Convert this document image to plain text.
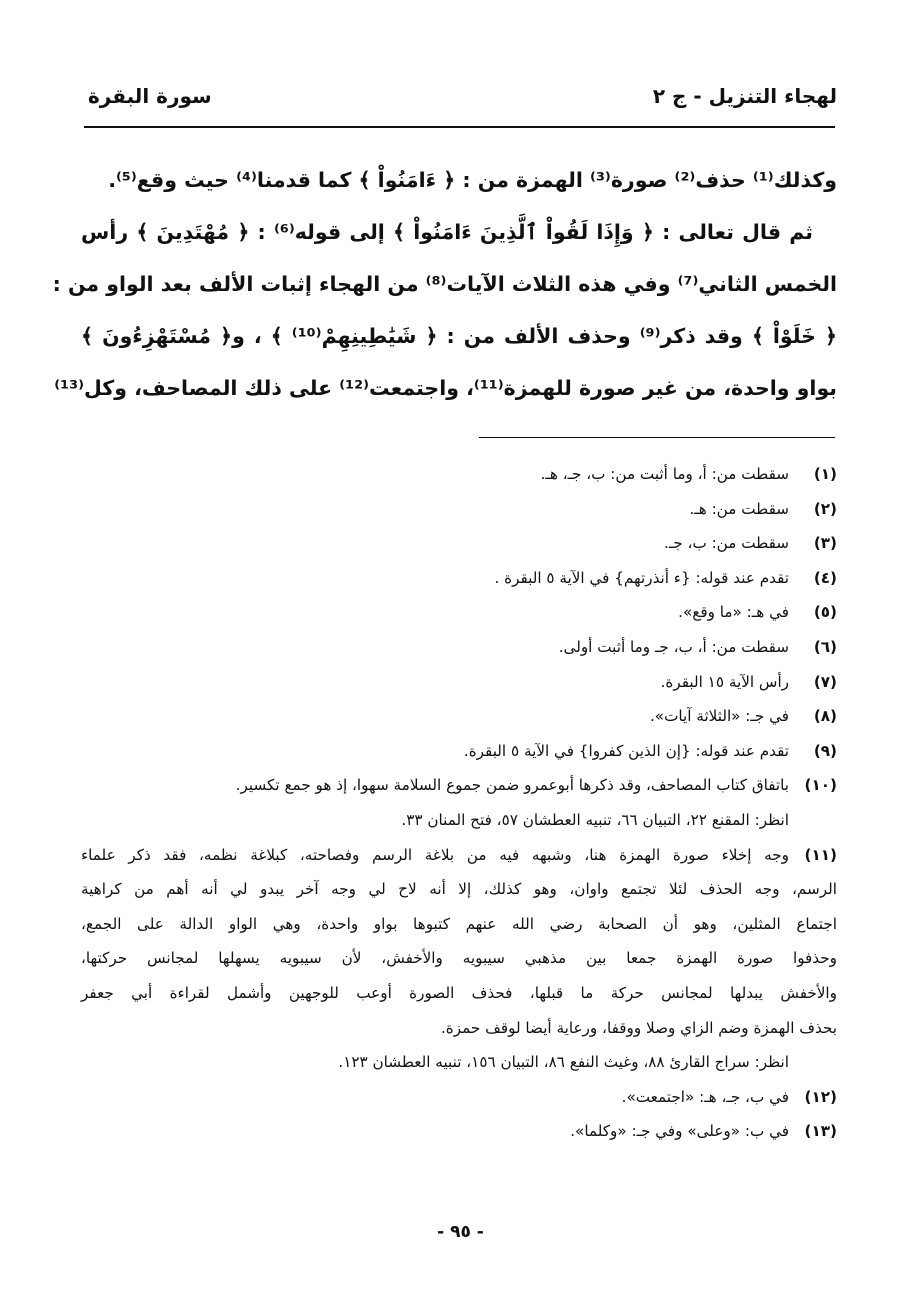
لهجاء التنزيل - ج ٢
سورة البقرة
وكذلك⁽¹⁾ حذف⁽²⁾ صورة⁽³⁾ الهمزة من : ﴿ ءَامَنُواْ ﴾ كما قدمنا⁽⁴⁾ حيث وقع⁽⁵⁾.
ثم قال تعالى : ﴿ وَإِذَا لَقُواْ ٱلَّذِينَ ءَامَنُواْ ﴾ إلى قوله⁽⁶⁾ : ﴿ مُهْتَدِينَ ﴾ رأس
الخمس الثاني⁽⁷⁾ وفي هذه الثلاث الآيات⁽⁸⁾ من الهجاء إثبات الألف بعد الواو من :
﴿ خَلَوْاْ ﴾ وقد ذكر⁽⁹⁾ وحذف الألف من : ﴿ شَيَٰطِينِهِمْ⁽¹⁰⁾ ﴾ ، و﴿ مُسْتَهْزِءُونَ ﴾
بواو واحدة، من غير صورة للهمزة⁽¹¹⁾، واجتمعت⁽¹²⁾ على ذلك المصاحف، وكل⁽¹³⁾
(١)
سقطت من: أ، وما أثبت من: ب، جـ، هـ.
(٢)
سقطت من: هـ.
(٣)
سقطت من: ب، جـ.
(٤)
تقدم عند قوله: {ء أنذرتهم} في الآية ٥ البقرة .
(٥)
في هـ: «ما وقع».
(٦)
سقطت من: أ، ب، جـ وما أثبت أولى.
(٧)
رأس الآية ١٥ البقرة.
(٨)
في جـ: «الثلاثة آيات».
(٩)
تقدم عند قوله: {إن الذين كفروا} في الآية ٥ البقرة.
(١٠)
باتفاق كتاب المصاحف، وقد ذكرها أبوعمرو ضمن جموع السلامة سهوا، إذ هو جمع تكسير.
انظر: المقنع ٢٢، التبيان ٦٦، تنبيه العطشان ٥٧، فتح المنان ٣٣.
(١١)
وجه إخلاء صورة الهمزة هنا، وشبهه فيه من بلاغة الرسم وفصاحته، كبلاغة نظمه، فقد ذكر علماء
الرسم، وجه الحذف لئلا تجتمع واوان، وهو كذلك، إلا أنه لاح لي وجه آخر يبدو لي أنه أهم من كراهية
اجتماع المثلين، وهو أن الصحابة رضي الله عنهم كتبوها بواو واحدة، وهي الواو الدالة على الجمع،
وحذفوا صورة الهمزة جمعا بين مذهبي سيبويه والأخفش، لأن سيبويه يسهلها لمجانس حركتها،
والأخفش يبدلها لمجانس حركة ما قبلها، فحذف الصورة أوعب للوجهين وأشمل لقراءة أبي جعفر
بحذف الهمزة وضم الزاي وصلا ووقفا، ورعاية أيضا لوقف حمزة.
انظر: سراج القارئ ٨٨، وغيث النفع ٨٦، التبيان ١٥٦، تنبيه العطشان ١٢٣.
(١٢)
في ب، جـ، هـ: «اجتمعت».
(١٣)
في ب: «وعلى» وفي جـ: «وكلما».
- ٩٥ -
